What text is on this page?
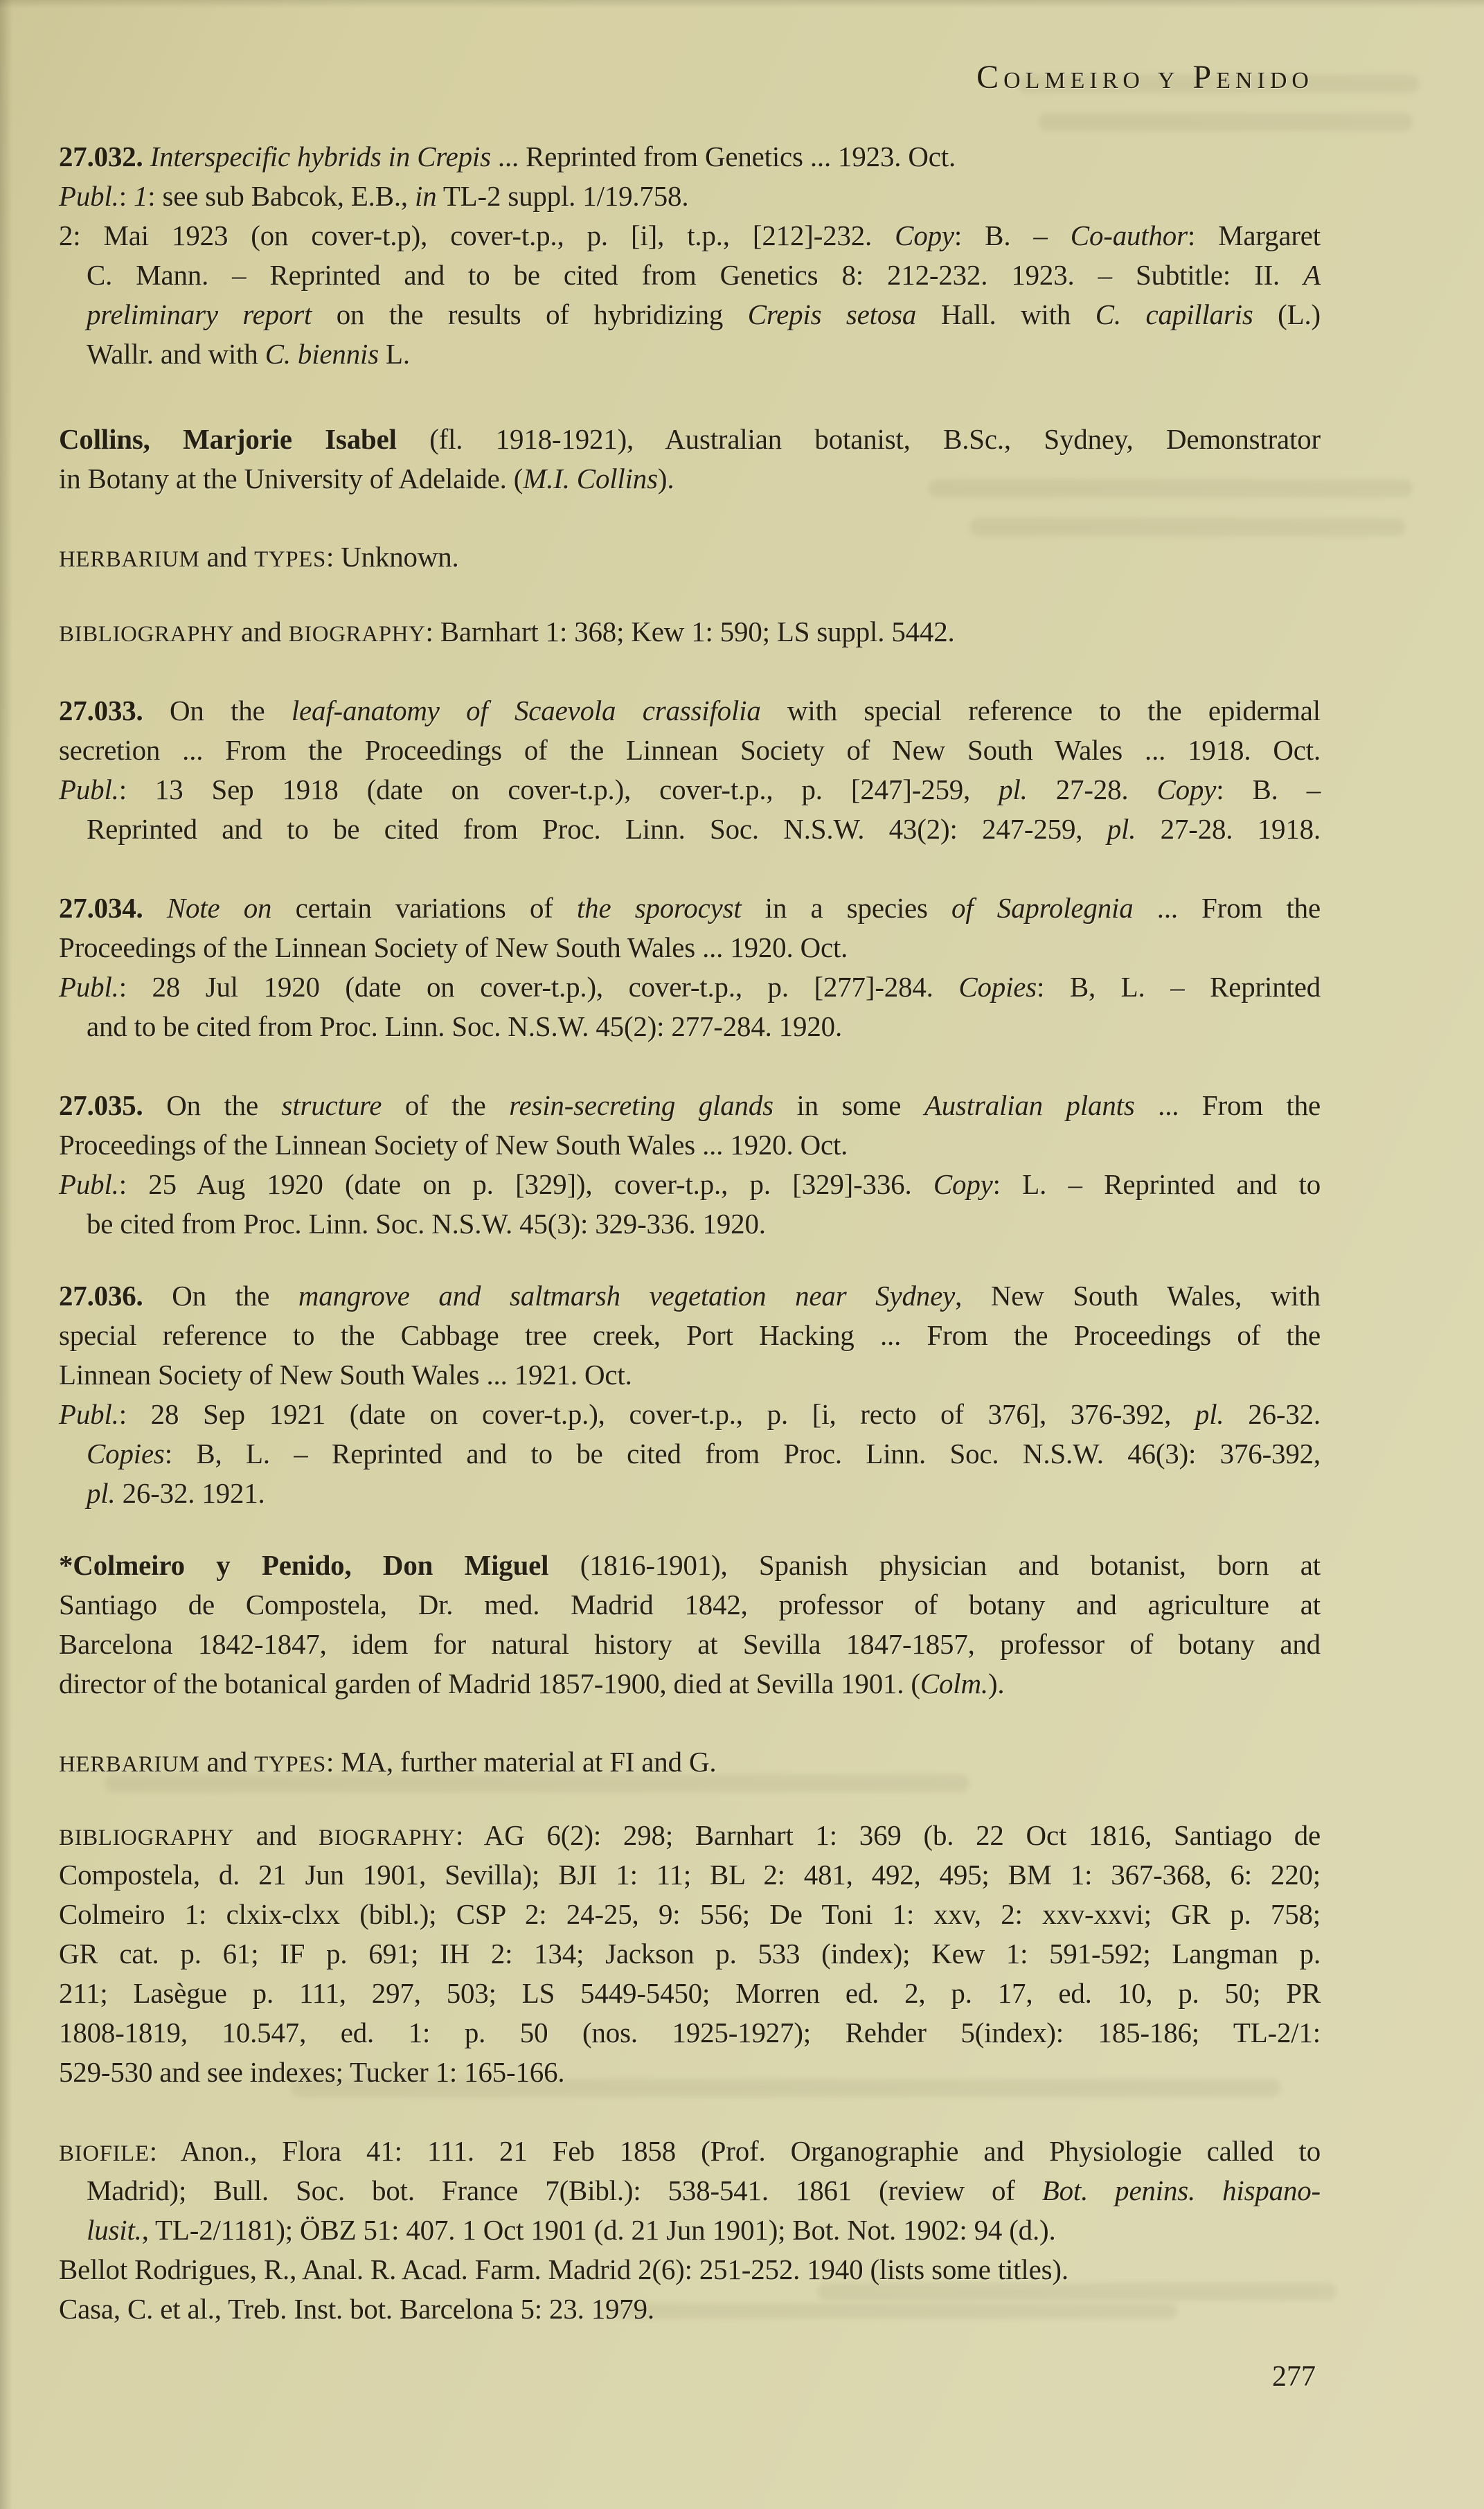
Colmeiro y Penido
27.032. Interspecific hybrids in Crepis ... Reprinted from Genetics ... 1923. Oct.
Publ.: 1: see sub Babcok, E.B., in TL-2 suppl. 1/19.758.
2: Mai 1923 (on cover-t.p), cover-t.p., p. [i], t.p., [212]-232. Copy: B. – Co-author: Margaret
C. Mann. – Reprinted and to be cited from Genetics 8: 212-232. 1923. – Subtitle: II. A
preliminary report on the results of hybridizing Crepis setosa Hall. with C. capillaris (L.)
Wallr. and with C. biennis L.
Collins, Marjorie Isabel (fl. 1918-1921), Australian botanist, B.Sc., Sydney, Demonstrator
in Botany at the University of Adelaide. (M.I. Collins).
HERBARIUM and TYPES: Unknown.
BIBLIOGRAPHY and BIOGRAPHY: Barnhart 1: 368; Kew 1: 590; LS suppl. 5442.
27.033. On the leaf-anatomy of Scaevola crassifolia with special reference to the epidermal
secretion ... From the Proceedings of the Linnean Society of New South Wales ... 1918. Oct.
Publ.: 13 Sep 1918 (date on cover-t.p.), cover-t.p., p. [247]-259, pl. 27-28. Copy: B. –
Reprinted and to be cited from Proc. Linn. Soc. N.S.W. 43(2): 247-259, pl. 27-28. 1918.
27.034. Note on certain variations of the sporocyst in a species of Saprolegnia ... From the
Proceedings of the Linnean Society of New South Wales ... 1920. Oct.
Publ.: 28 Jul 1920 (date on cover-t.p.), cover-t.p., p. [277]-284. Copies: B, L. – Reprinted
and to be cited from Proc. Linn. Soc. N.S.W. 45(2): 277-284. 1920.
27.035. On the structure of the resin-secreting glands in some Australian plants ... From the
Proceedings of the Linnean Society of New South Wales ... 1920. Oct.
Publ.: 25 Aug 1920 (date on p. [329]), cover-t.p., p. [329]-336. Copy: L. – Reprinted and to
be cited from Proc. Linn. Soc. N.S.W. 45(3): 329-336. 1920.
27.036. On the mangrove and saltmarsh vegetation near Sydney, New South Wales, with
special reference to the Cabbage tree creek, Port Hacking ... From the Proceedings of the
Linnean Society of New South Wales ... 1921. Oct.
Publ.: 28 Sep 1921 (date on cover-t.p.), cover-t.p., p. [i, recto of 376], 376-392, pl. 26-32.
Copies: B, L. – Reprinted and to be cited from Proc. Linn. Soc. N.S.W. 46(3): 376-392,
pl. 26-32. 1921.
*Colmeiro y Penido, Don Miguel (1816-1901), Spanish physician and botanist, born at
Santiago de Compostela, Dr. med. Madrid 1842, professor of botany and agriculture at
Barcelona 1842-1847, idem for natural history at Sevilla 1847-1857, professor of botany and
director of the botanical garden of Madrid 1857-1900, died at Sevilla 1901. (Colm.).
HERBARIUM and TYPES: MA, further material at FI and G.
BIBLIOGRAPHY and BIOGRAPHY: AG 6(2): 298; Barnhart 1: 369 (b. 22 Oct 1816, Santiago de
Compostela, d. 21 Jun 1901, Sevilla); BJI 1: 11; BL 2: 481, 492, 495; BM 1: 367-368, 6: 220;
Colmeiro 1: clxix-clxx (bibl.); CSP 2: 24-25, 9: 556; De Toni 1: xxv, 2: xxv-xxvi; GR p. 758;
GR cat. p. 61; IF p. 691; IH 2: 134; Jackson p. 533 (index); Kew 1: 591-592; Langman p.
211; Lasègue p. 111, 297, 503; LS 5449-5450; Morren ed. 2, p. 17, ed. 10, p. 50; PR
1808-1819, 10.547, ed. 1: p. 50 (nos. 1925-1927); Rehder 5(index): 185-186; TL-2/1:
529-530 and see indexes; Tucker 1: 165-166.
BIOFILE: Anon., Flora 41: 111. 21 Feb 1858 (Prof. Organographie and Physiologie called to
Madrid); Bull. Soc. bot. France 7(Bibl.): 538-541. 1861 (review of Bot. penins. hispano-
lusit., TL-2/1181); ÖBZ 51: 407. 1 Oct 1901 (d. 21 Jun 1901); Bot. Not. 1902: 94 (d.).
Bellot Rodrigues, R., Anal. R. Acad. Farm. Madrid 2(6): 251-252. 1940 (lists some titles).
Casa, C. et al., Treb. Inst. bot. Barcelona 5: 23. 1979.
277
